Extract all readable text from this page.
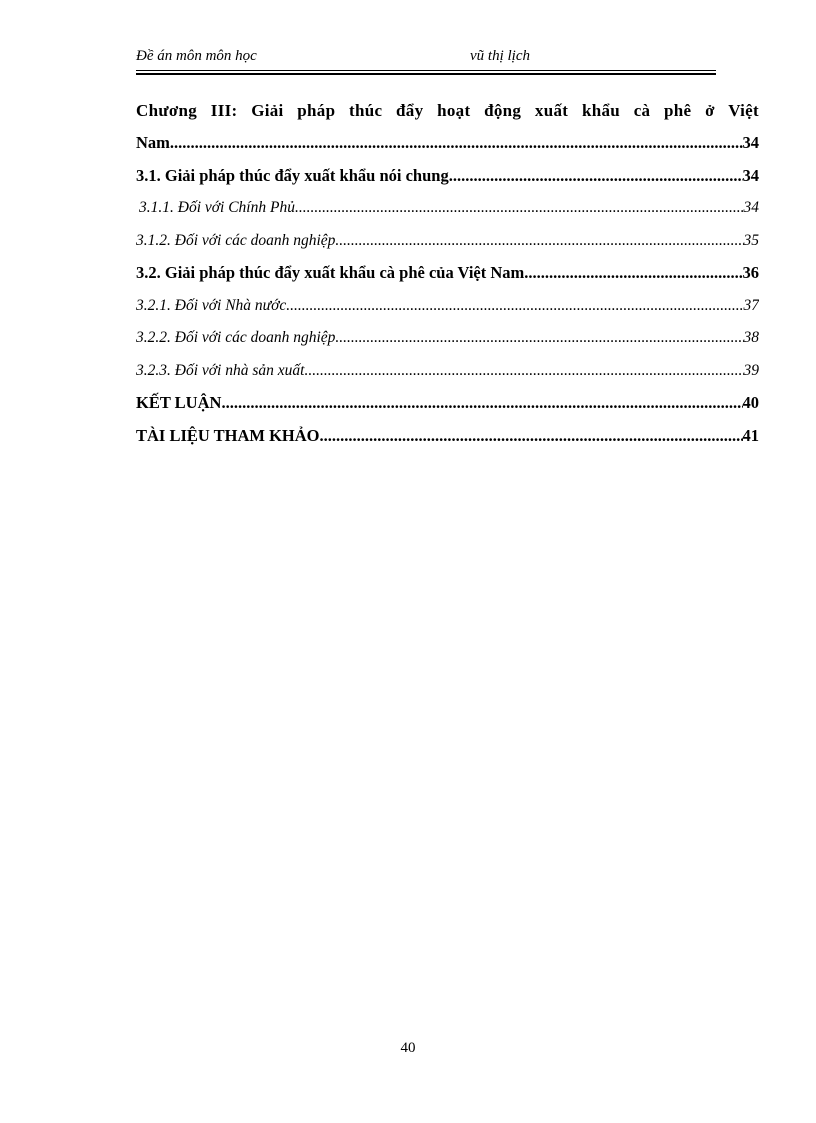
Đề án môn môn học	vũ thị lịch

Chương III: Giải pháp thúc đẩy hoạt động xuất khẩu cà phê ở Việt

Nam .....	34
3.1. Giải pháp thúc đẩy xuất khẩu nói chung. .....	34
3.1.1. Đối với Chính Phủ .....	34
3.1.2. Đối với các doanh nghiệp .....	35
3.2. Giải pháp thúc đẩy xuất khẩu cà phê của Việt Nam .....	36
3.2.1. Đối với Nhà nước. .....	37
3.2.2. Đối với các doanh nghiệp .....	38
3.2.3. Đối với nhà sản xuất .....	39
KẾT LUẬN .....	40
TÀI LIỆU THAM KHẢO .....	41
40
